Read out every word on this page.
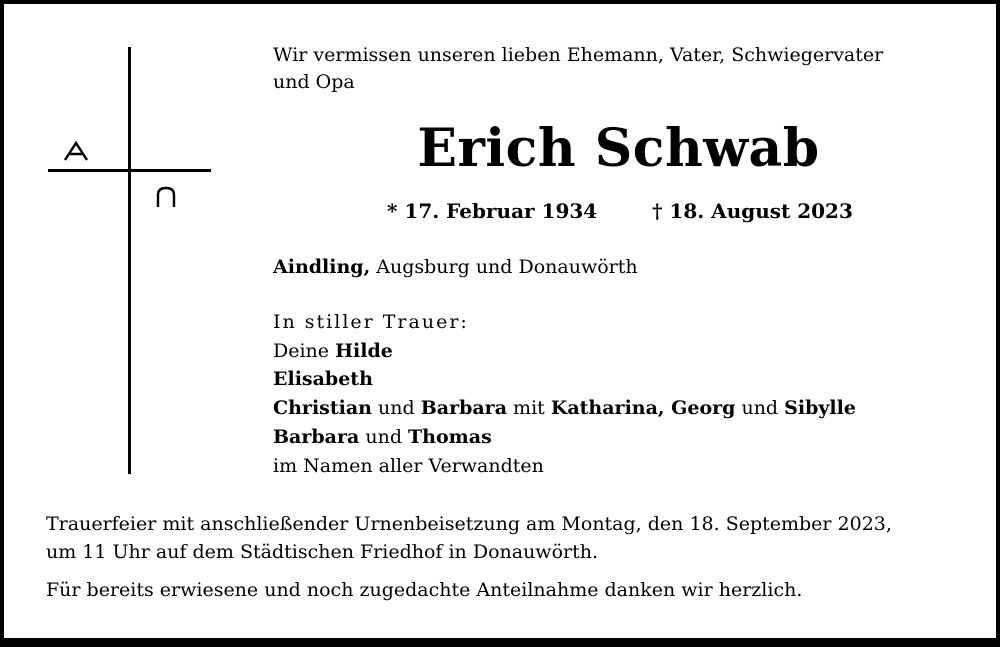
Wir vermissen unseren lieben Ehemann, Vater, Schwiegervater
und Opa
Erich Schwab
* 17. Februar 1934	† 18. August 2023
Aindling, Augsburg und Donauwörth
In stiller Trauer:
Deine Hilde
Elisabeth
Christian und Barbara mit Katharina, Georg und Sibylle
Barbara und Thomas
im Namen aller Verwandten
Trauerfeier mit anschließender Urnenbeisetzung am Montag, den 18. September 2023,
um 11 Uhr auf dem Städtischen Friedhof in Donauwörth.
Für bereits erwiesene und noch zugedachte Anteilnahme danken wir herzlich.
